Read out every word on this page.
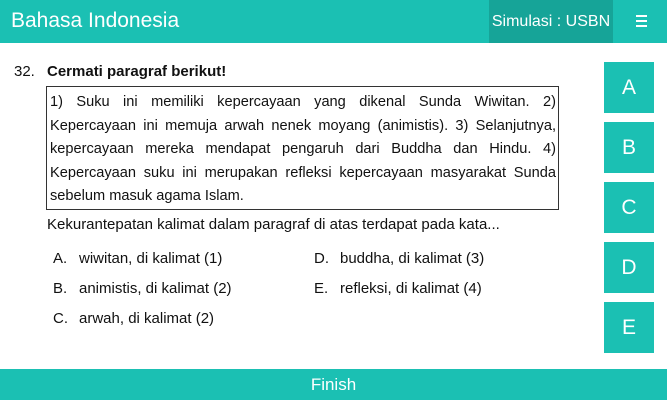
Bahasa Indonesia	Simulasi : USBN
32. Cermati paragraf berikut!
1) Suku ini memiliki kepercayaan yang dikenal Sunda Wiwitan. 2) Kepercayaan ini memuja arwah nenek moyang (animistis). 3) Selanjutnya, kepercayaan mereka mendapat pengaruh dari Buddha dan Hindu. 4) Kepercayaan suku ini merupakan refleksi kepercayaan masyarakat Sunda sebelum masuk agama Islam.
Kekurantepatan kalimat dalam paragraf di atas terdapat pada kata...
A. wiwitan, di kalimat (1)
B. animistis, di kalimat (2)
C. arwah, di kalimat (2)
D. buddha, di kalimat (3)
E. refleksi, di kalimat (4)
A
B
C
D
E
Finish
